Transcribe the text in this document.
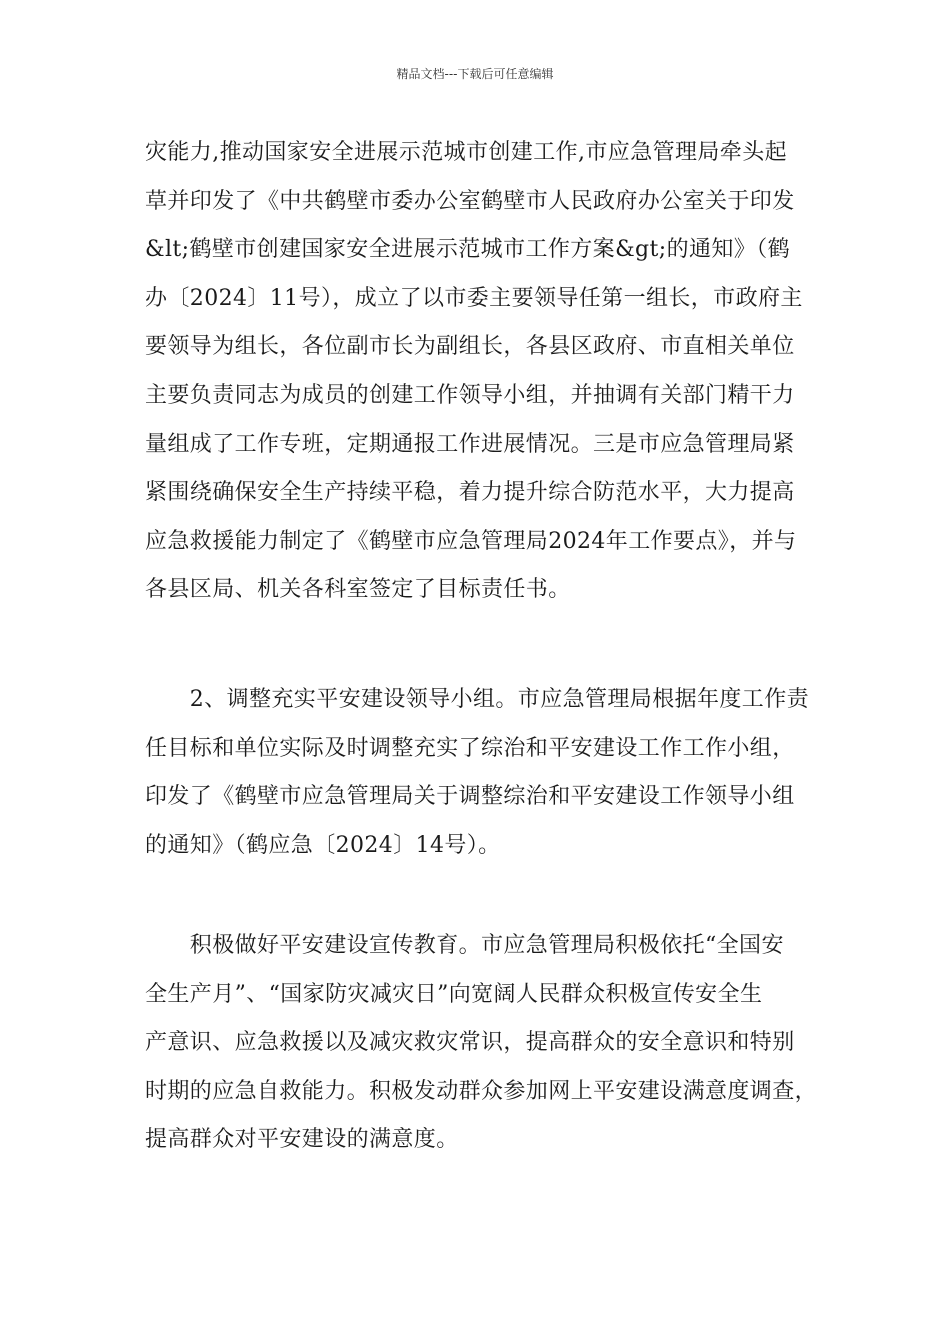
精品文档---下载后可任意编辑
灾能力,推动国家安全进展示范城市创建工作,市应急管理局牵头起
草并印发了《中共鹤壁市委办公室鹤壁市人民政府办公室关于印发
&lt;鹤壁市创建国家安全进展示范城市工作方案&gt;的通知》（鹤
办〔2024〕11号），成立了以市委主要领导任第一组长，市政府主
要领导为组长，各位副市长为副组长，各县区政府、市直相关单位
主要负责同志为成员的创建工作领导小组，并抽调有关部门精干力
量组成了工作专班，定期通报工作进展情况。三是市应急管理局紧
紧围绕确保安全生产持续平稳，着力提升综合防范水平，大力提高
应急救援能力制定了《鹤壁市应急管理局2024年工作要点》，并与
各县区局、机关各科室签定了目标责任书。
　　2、调整充实平安建设领导小组。市应急管理局根据年度工作责
任目标和单位实际及时调整充实了综治和平安建设工作工作小组，
印发了《鹤壁市应急管理局关于调整综治和平安建设工作领导小组
的通知》（鹤应急〔2024〕14号）。
　　积极做好平安建设宣传教育。市应急管理局积极依托“全国安
全生产月”、“国家防灾减灾日”向宽阔人民群众积极宣传安全生
产意识、应急救援以及减灾救灾常识，提高群众的安全意识和特别
时期的应急自救能力。积极发动群众参加网上平安建设满意度调查，
提高群众对平安建设的满意度。
